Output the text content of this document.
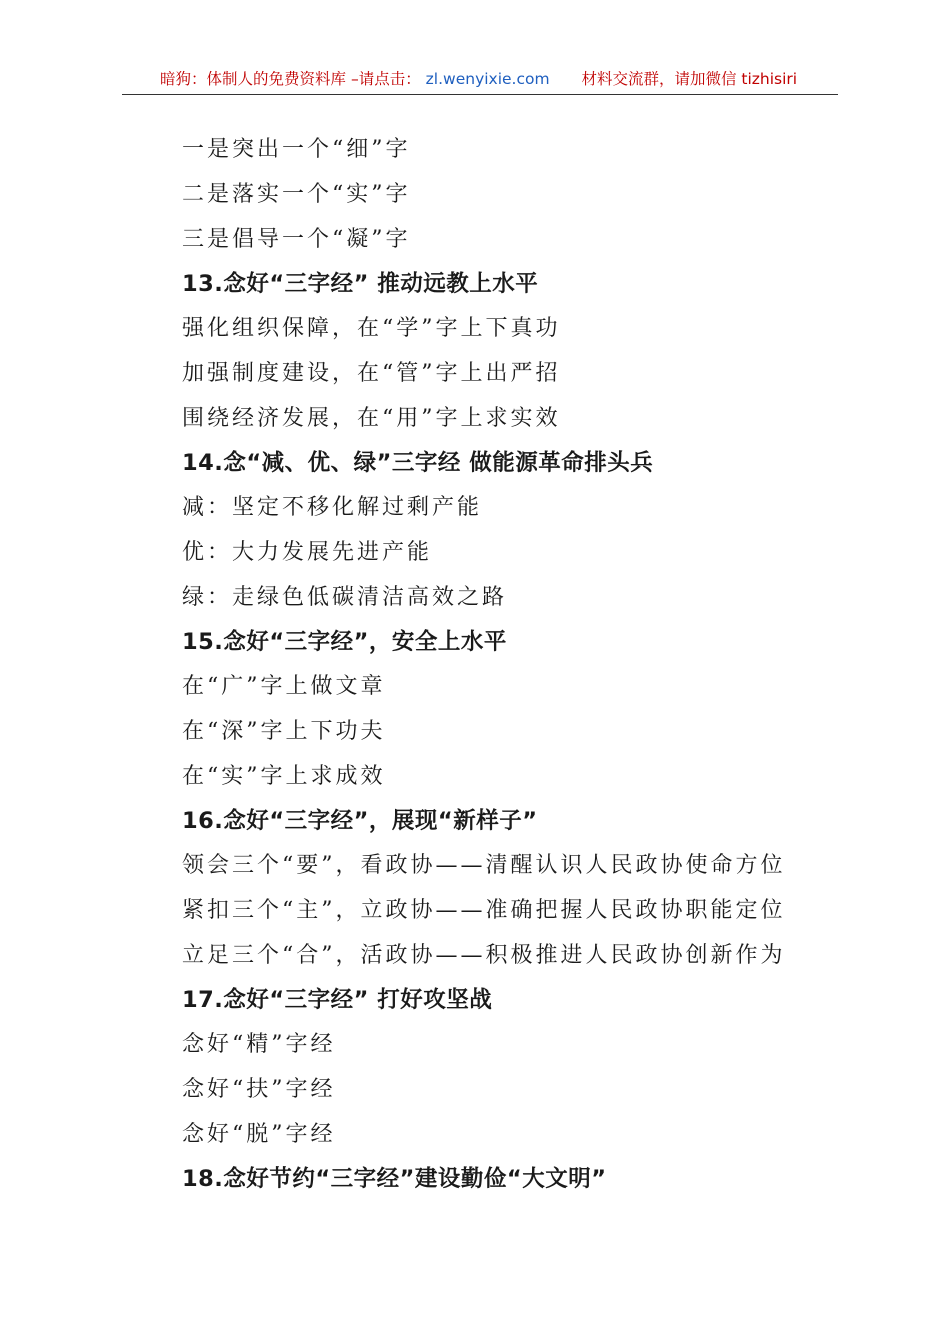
暗狗：体制人的免费资料库 –请点击： zl.wenyixie.com 材料交流群，请加微信 tizhisiri
一是突出一个“细”字
二是落实一个“实”字
三是倡导一个“凝”字
13.念好“三字经” 推动远教上水平
强化组织保障，在“学”字上下真功
加强制度建设，在“管”字上出严招
围绕经济发展，在“用”字上求实效
14.念“减、优、绿”三字经 做能源革命排头兵
减：坚定不移化解过剩产能
优：大力发展先进产能
绿：走绿色低碳清洁高效之路
15.念好“三字经”，安全上水平
在“广”字上做文章
在“深”字上下功夫
在“实”字上求成效
16.念好“三字经”，展现“新样子”
领会三个“要”，看政协——清醒认识人民政协使命方位
紧扣三个“主”，立政协——准确把握人民政协职能定位
立足三个“合”，活政协——积极推进人民政协创新作为
17.念好“三字经” 打好攻坚战
念好“精”字经
念好“扶”字经
念好“脱”字经
18.念好节约“三字经”建设勤俭“大文明”
